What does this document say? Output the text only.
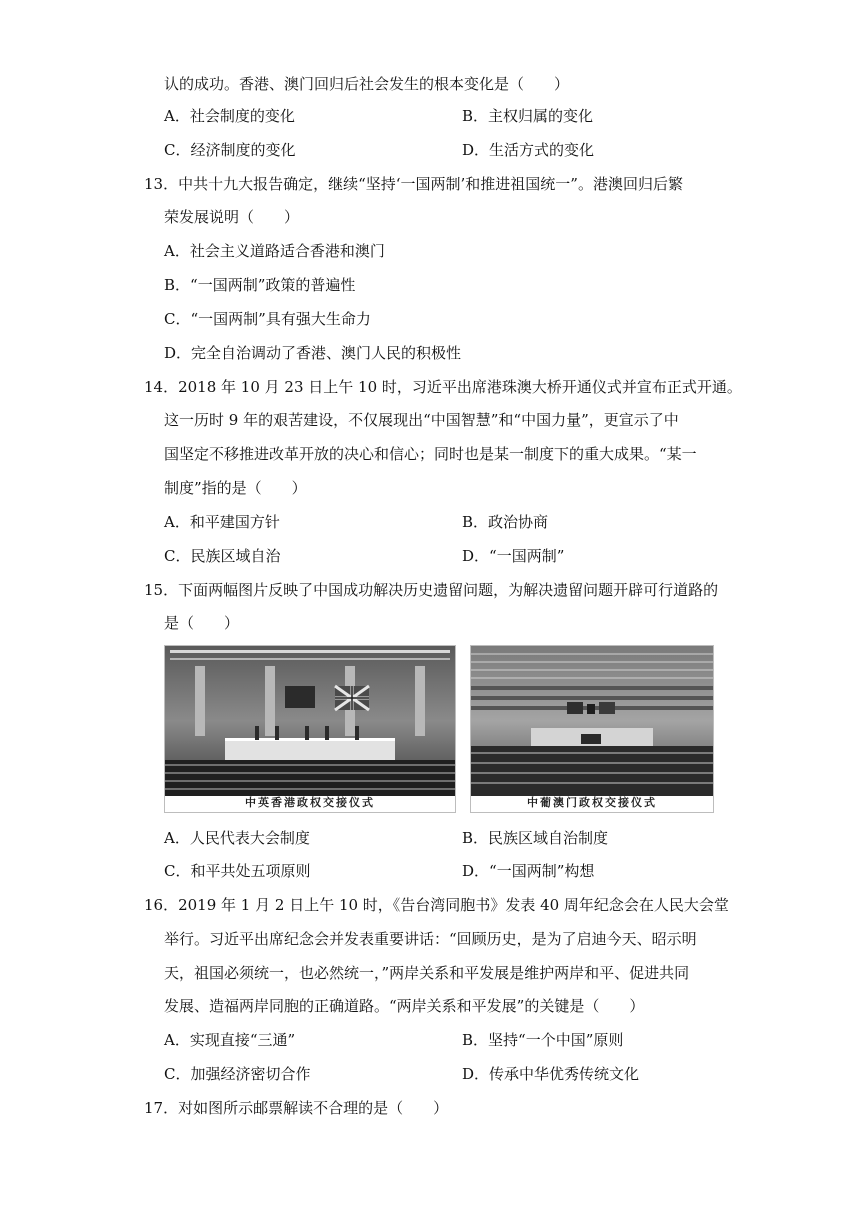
认的成功。香港、澳门回归后社会发生的根本变化是（　　）
A．社会制度的变化	B．主权归属的变化
C．经济制度的变化	D．生活方式的变化
13．中共十九大报告确定，继续“坚持‘一国两制’和推进祖国统一”。港澳回归后繁
荣发展说明（　　）
A．社会主义道路适合香港和澳门
B．“一国两制”政策的普遍性
C．“一国两制”具有强大生命力
D．完全自治调动了香港、澳门人民的积极性
14．2018 年 10 月 23 日上午 10 时，习近平出席港珠澳大桥开通仪式并宣布正式开通。
这一历时 9 年的艰苦建设，不仅展现出“中国智慧”和“中国力量”，更宣示了中
国坚定不移推进改革开放的决心和信心；同时也是某一制度下的重大成果。“某一
制度”指的是（　　）
A．和平建国方针	B．政治协商
C．民族区域自治	D．“一国两制”
15．下面两幅图片反映了中国成功解决历史遗留问题，为解决遗留问题开辟可行道路的
是（　　）
中英香港政权交接仪式	中葡澳门政权交接仪式
A．人民代表大会制度	B．民族区域自治制度
C．和平共处五项原则	D．“一国两制”构想
16．2019 年 1 月 2 日上午 10 时，《告台湾同胞书》发表 40 周年纪念会在人民大会堂
举行。习近平出席纪念会并发表重要讲话：“回顾历史，是为了启迪今天、昭示明
天，祖国必须统一，也必然统一，”两岸关系和平发展是维护两岸和平、促进共同
发展、造福两岸同胞的正确道路。“两岸关系和平发展”的关键是（　　）
A．实现直接“三通”	B．坚持“一个中国”原则
C．加强经济密切合作	D．传承中华优秀传统文化
17．对如图所示邮票解读不合理的是（　　）
